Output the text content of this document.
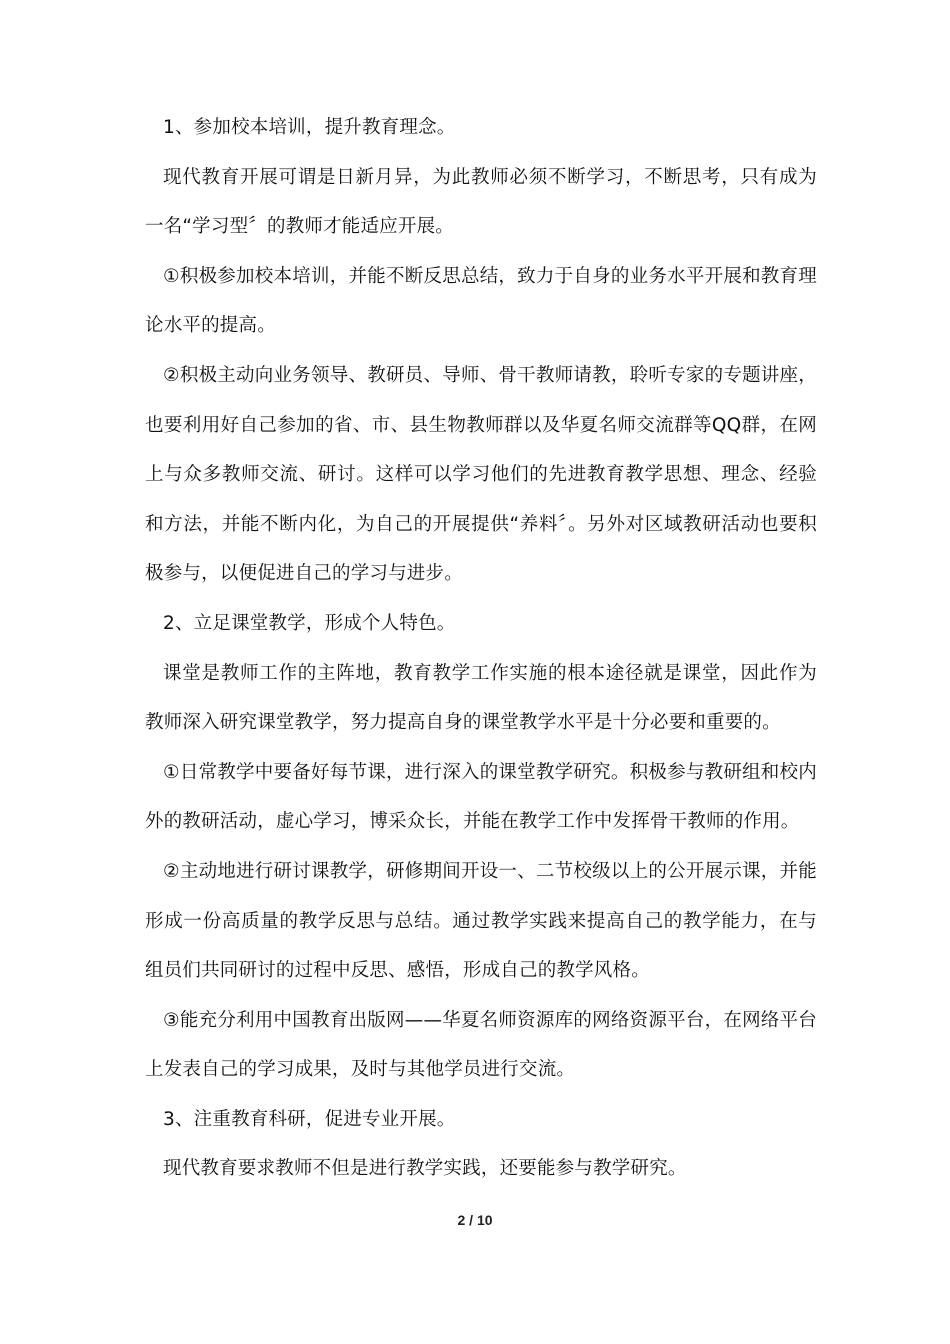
1、参加校本培训，提升教育理念。

现代教育开展可谓是日新月异，为此教师必须不断学习，不断思考，只有成为一名“学习型〞的教师才能适应开展。

①积极参加校本培训，并能不断反思总结，致力于自身的业务水平开展和教育理论水平的提高。

②积极主动向业务领导、教研员、导师、骨干教师请教，聆听专家的专题讲座，也要利用好自己参加的省、市、县生物教师群以及华夏名师交流群等QQ群，在网上与众多教师交流、研讨。这样可以学习他们的先进教育教学思想、理念、经验和方法，并能不断内化，为自己的开展提供“养料〞。另外对区域教研活动也要积极参与，以便促进自己的学习与进步。

2、立足课堂教学，形成个人特色。

课堂是教师工作的主阵地，教育教学工作实施的根本途径就是课堂，因此作为教师深入研究课堂教学，努力提高自身的课堂教学水平是十分必要和重要的。

①日常教学中要备好每节课，进行深入的课堂教学研究。积极参与教研组和校内外的教研活动，虚心学习，博采众长，并能在教学工作中发挥骨干教师的作用。

②主动地进行研讨课教学，研修期间开设一、二节校级以上的公开展示课，并能形成一份高质量的教学反思与总结。通过教学实践来提高自己的教学能力，在与组员们共同研讨的过程中反思、感悟，形成自己的教学风格。

③能充分利用中国教育出版网——华夏名师资源库的网络资源平台，在网络平台上发表自己的学习成果，及时与其他学员进行交流。

3、注重教育科研，促进专业开展。

现代教育要求教师不但是进行教学实践，还要能参与教学研究。

2 / 10
